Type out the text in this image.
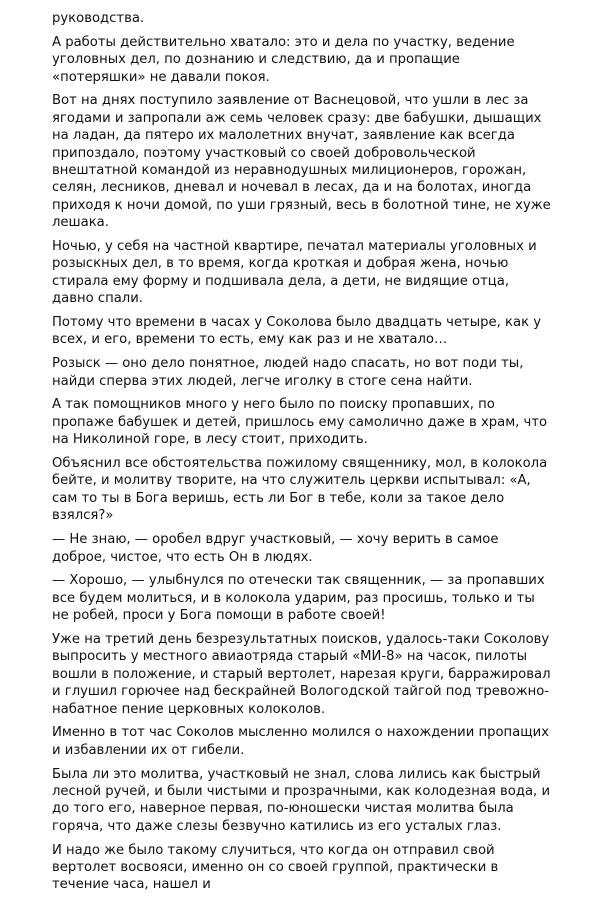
руководства.

А работы действительно хватало: это и дела по участку, ведение уголовных дел, по дознанию и следствию, да и пропащие «потеряшки» не давали покоя.

Вот на днях поступило заявление от Васнецовой, что ушли в лес за ягодами и запропали аж семь человек сразу: две бабушки, дышащих на ладан, да пятеро их малолетних внучат, заявление как всегда припоздало, поэтому участковый со своей добровольческой внештатной командой из неравнодушных милиционеров, горожан, селян, лесников, дневал и ночевал в лесах, да и на болотах, иногда приходя к ночи домой, по уши грязный, весь в болотной тине, не хуже лешака.

Ночью, у себя на частной квартире, печатал материалы уголовных и розыскных дел, в то время, когда кроткая и добрая жена, ночью стирала ему форму и подшивала дела, а дети, не видящие отца, давно спали.

Потому что времени в часах у Соколова было двадцать четыре, как у всех, и его, времени то есть, ему как раз и не хватало…

Розыск — оно дело понятное, людей надо спасать, но вот поди ты, найди сперва этих людей, легче иголку в стоге сена найти.

А так помощников много у него было по поиску пропавших, по пропаже бабушек и детей, пришлось ему самолично даже в храм, что на Николиной горе, в лесу стоит, приходить.

Объяснил все обстоятельства пожилому священнику, мол, в колокола бейте, и молитву творите, на что служитель церкви испытывал: «А, сам то ты в Бога веришь, есть ли Бог в тебе, коли за такое дело взялся?»

— Не знаю, — оробел вдруг участковый, — хочу верить в самое доброе, чистое, что есть Он в людях.

— Хорошо, — улыбнулся по отечески так священник, — за пропавших все будем молиться, и в колокола ударим, раз просишь, только и ты не робей, проси у Бога помощи в работе своей!

Уже на третий день безрезультатных поисков, удалось-таки Соколову выпросить у местного авиаотряда старый «МИ-8» на часок, пилоты вошли в положение, и старый вертолет, нарезая круги, барражировал и глушил горючее над бескрайней Вологодской тайгой под тревожно-набатное пение церковных колоколов.

Именно в тот час Соколов мысленно молился о нахождении пропащих и избавлении их от гибели.

Была ли это молитва, участковый не знал, слова лились как быстрый лесной ручей, и были чистыми и прозрачными, как колодезная вода, и до того его, наверное первая, по-юношески чистая молитва была горяча, что даже слезы безвучно катились из его усталых глаз.

И надо же было такому случиться, что когда он отправил свой вертолет восвояси, именно он со своей группой, практически в течение часа, нашел и
